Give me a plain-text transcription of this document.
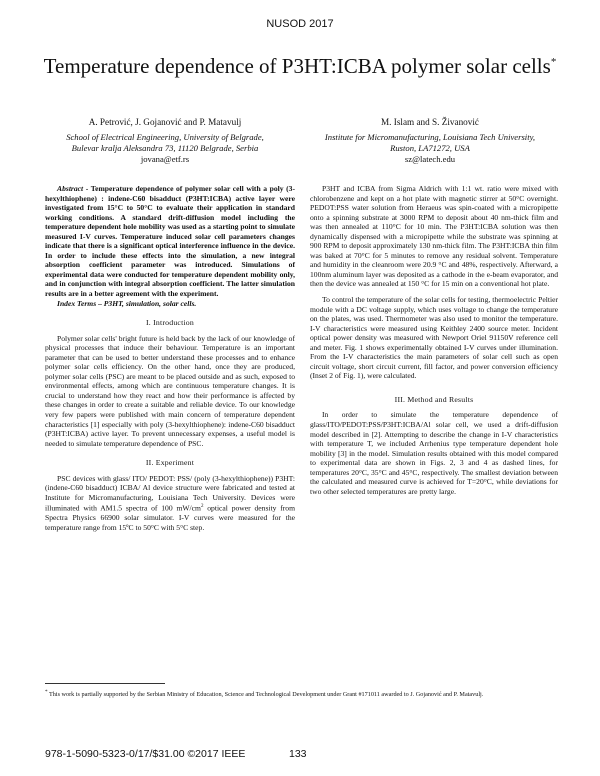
NUSOD 2017
Temperature dependence of P3HT:ICBA polymer solar cells*
A. Petrović, J. Gojanović and P. Matavulj
School of Electrical Engineering, University of Belgrade,
Bulevar kralja Aleksandra 73, 11120 Belgrade, Serbia
jovana@etf.rs
M. Islam and S. Živanović
Institute for Micromanufacturing, Louisiana Tech University,
Ruston, LA71272, USA
sz@latech.edu

Abstract - Temperature dependence of polymer solar cell with a poly (3- hexylthiophene) : indene-C60 bisadduct (P3HT:ICBA) active layer were investigated from 15°C to 50°C to evaluate their application in standard working conditions. A standard drift-diffusion model including the temperature dependent hole mobility was used as a starting point to simulate measured I-V curves. Temperature induced solar cell parameters changes indicate that there is a significant optical interference influence in the device. In order to include these effects into the simulation, a new integral absorption coefficient parameter was introduced. Simulations of experimental data were conducted for temperature dependent mobility only, and in conjunction with integral absorption coefficient. The latter simulation results are in a better agreement with the experiment.

Index Terms – P3HT, simulation, solar cells.

I. Introduction

Polymer solar cells' bright future is held back by the lack of our knowledge of physical processes that induce their behaviour. Temperature is an important parameter that can be used to better understand these processes and to enhance polymer solar cells efficiency. On the other hand, once they are produced, polymer solar cells (PSC) are meant to be placed outside and as such, exposed to environmental effects, among which are continuous temperature changes. It is crucial to understand how they react and how their performance is affected by these changes in order to create a suitable and reliable device. To our knowledge very few papers were published with main concern of temperature dependent characteristics [1] especially with poly (3-hexylthiophene): indene-C60 bisadduct (P3HT:ICBA) active layer. To prevent unnecessary expenses, a useful model is needed to simulate temperature dependence of PSC.

II. Experiment

PSC devices with glass/ ITO/ PEDOT: PSS/ (poly (3-hexylthiophene)) P3HT: (indene-C60 bisadduct) ICBA/ Al device structure were fabricated and tested at Institute for Micromanufacturing, Louisiana Tech University. Devices were illuminated with AM1.5 spectra of 100 $mW/cm^2$ optical power density from Spectra Physics 66900 solar simulator. I-V curves were measured for the temperature range from 15ºC to 50°C with 5°C step.

P3HT and ICBA from Sigma Aldrich with 1:1 wt. ratio were mixed with chlorobenzene and kept on a hot plate with magnetic stirrer at 50°C overnight. PEDOT:PSS water solution from Heraeus was spin-coated with a micropipette onto a spinning substrate at 3000 RPM to deposit about 40 nm-thick film and was then annealed at 110°C for 10 min. The P3HT:ICBA solution was then dynamically dispensed with a micropipette while the substrate was spinning at 900 RPM to deposit approximately 130 nm-thick film. The P3HT:ICBA thin film was baked at 70°C for 5 minutes to remove any residual solvent. Temperature and humidity in the cleanroom were 20.9 °C and 48%, respectively. Afterward, a 100nm aluminum layer was deposited as a cathode in the e-beam evaporator, and then the device was annealed at 150 °C for 15 min on a conventional hot plate.

To control the temperature of the solar cells for testing, thermoelectric Peltier module with a DC voltage supply, which uses voltage to change the temperature on the plates, was used. Thermometer was also used to monitor the temperature. I-V characteristics were measured using Keithley 2400 source meter. Incident optical power density was measured with Newport Oriel 91150V reference cell and meter. Fig. 1 shows experimentally obtained I-V curves under illumination. From the I-V characteristics the main parameters of solar cell such as open circuit voltage, short circuit current, fill factor, and power conversion efficiency (Inset 2 of Fig. 1), were calculated.

III. Method and Results

In order to simulate the temperature dependence of glass/ITO/PEDOT:PSS/P3HT:ICBA/Al solar cell, we used a drift-diffusion model described in [2]. Attempting to describe the change in I-V characteristics with temperature T, we included Arrhenius type temperature dependent hole mobility [3] in the model. Simulation results obtained with this model compared to experimental data are shown in Figs. 2, 3 and 4 as dashed lines, for temperatures 20°C, 35°C and 45°C, respectively. The smallest deviation between the calculated and measured curve is achieved for T=20°C, while deviations for two other selected temperatures are pretty large.

* This work is partially supported by the Serbian Ministry of Education, Science and Technological Development under Grant #171011 awarded to J. Gojanović and P. Matavulj.
978-1-5090-5323-0/17/$31.00 ©2017 IEEE	133
